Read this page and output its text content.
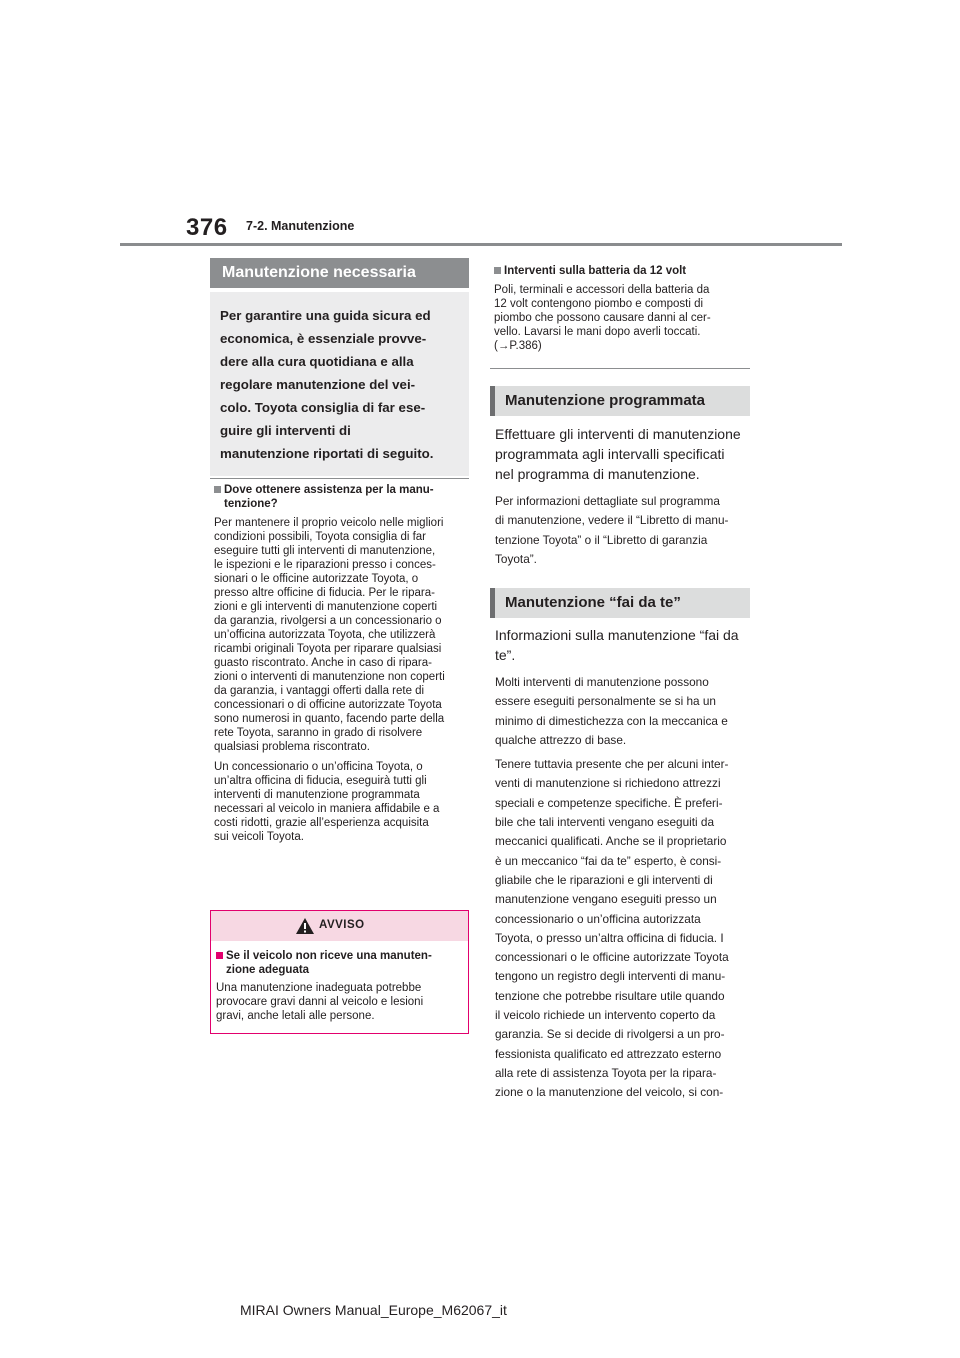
376 7-2. Manutenzione
Manutenzione necessaria
Per garantire una guida sicura ed
economica, è essenziale provve-
dere alla cura quotidiana e alla
regolare manutenzione del vei-
colo. Toyota consiglia di far ese-
guire gli interventi di
manutenzione riportati di seguito.
Dove ottenere assistenza per la manu-
tenzione?
Per mantenere il proprio veicolo nelle migliori
condizioni possibili, Toyota consiglia di far
eseguire tutti gli interventi di manutenzione,
le ispezioni e le riparazioni presso i conces-
sionari o le officine autorizzate Toyota, o
presso altre officine di fiducia. Per le ripara-
zioni e gli interventi di manutenzione coperti
da garanzia, rivolgersi a un concessionario o
un’officina autorizzata Toyota, che utilizzerà
ricambi originali Toyota per riparare qualsiasi
guasto riscontrato. Anche in caso di ripara-
zioni o interventi di manutenzione non coperti
da garanzia, i vantaggi offerti dalla rete di
concessionari o di officine autorizzate Toyota
sono numerosi in quanto, facendo parte della
rete Toyota, saranno in grado di risolvere
qualsiasi problema riscontrato.
Un concessionario o un’officina Toyota, o
un’altra officina di fiducia, eseguirà tutti gli
interventi di manutenzione programmata
necessari al veicolo in maniera affidabile e a
costi ridotti, grazie all’esperienza acquisita
sui veicoli Toyota.
AVVISO
Se il veicolo non riceve una manuten-
zione adeguata
Una manutenzione inadeguata potrebbe
provocare gravi danni al veicolo e lesioni
gravi, anche letali alle persone.
Interventi sulla batteria da 12 volt
Poli, terminali e accessori della batteria da
12 volt contengono piombo e composti di
piombo che possono causare danni al cer-
vello. Lavarsi le mani dopo averli toccati.
(→P.386)
Manutenzione programmata
Effettuare gli interventi di manutenzione
programmata agli intervalli specificati
nel programma di manutenzione.
Per informazioni dettagliate sul programma
di manutenzione, vedere il “Libretto di manu-
tenzione Toyota” o il “Libretto di garanzia
Toyota”.
Manutenzione “fai da te”
Informazioni sulla manutenzione “fai da
te”.
Molti interventi di manutenzione possono
essere eseguiti personalmente se si ha un
minimo di dimestichezza con la meccanica e
qualche attrezzo di base.
Tenere tuttavia presente che per alcuni inter-
venti di manutenzione si richiedono attrezzi
speciali e competenze specifiche. È preferi-
bile che tali interventi vengano eseguiti da
meccanici qualificati. Anche se il proprietario
è un meccanico “fai da te” esperto, è consi-
gliabile che le riparazioni e gli interventi di
manutenzione vengano eseguiti presso un
concessionario o un’officina autorizzata
Toyota, o presso un’altra officina di fiducia. I
concessionari o le officine autorizzate Toyota
tengono un registro degli interventi di manu-
tenzione che potrebbe risultare utile quando
il veicolo richiede un intervento coperto da
garanzia. Se si decide di rivolgersi a un pro-
fessionista qualificato ed attrezzato esterno
alla rete di assistenza Toyota per la ripara-
zione o la manutenzione del veicolo, si con-
MIRAI Owners Manual_Europe_M62067_it
